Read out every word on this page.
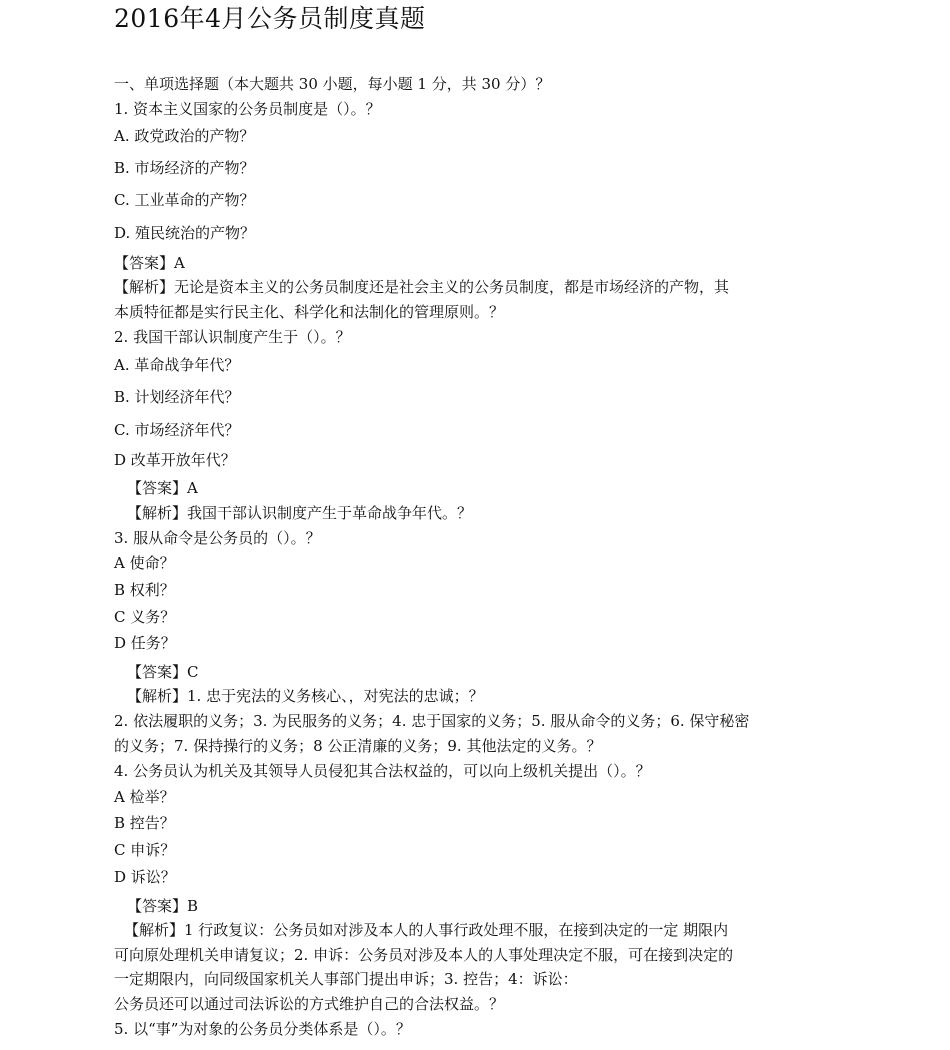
2016年4月公务员制度真题
一、单项选择题（本大题共 30 小题，每小题 1 分，共 30 分）？
1. 资本主义国家的公务员制度是（）。？
A. 政党政治的产物？
B. 市场经济的产物？
C. 工业革命的产物？
D. 殖民统治的产物？
【答案】A
【解析】无论是资本主义的公务员制度还是社会主义的公务员制度，都是市场经济的产物，其
本质特征都是实行民主化、科学化和法制化的管理原则。？
2. 我国干部认识制度产生于（）。？
A. 革命战争年代？
B. 计划经济年代？
C. 市场经济年代？
D 改革开放年代？
【答案】A
【解析】我国干部认识制度产生于革命战争年代。？
3. 服从命令是公务员的（）。？
A 使命？
B 权利？
C 义务？
D 任务？
【答案】C
【解析】1. 忠于宪法的义务核心、，对宪法的忠诚；？
2. 依法履职的义务；3. 为民服务的义务；4. 忠于国家的义务；5. 服从命令的义务；6. 保守秘密
的义务；7. 保持操行的义务；8 公正清廉的义务；9. 其他法定的义务。？
4. 公务员认为机关及其领导人员侵犯其合法权益的，可以向上级机关提出（）。？
A 检举？
B 控告？
C 申诉？
D 诉讼？
【答案】B
【解析】1 行政复议：公务员如对涉及本人的人事行政处理不服，在接到决定的一定 期限内
可向原处理机关申请复议；2. 申诉：公务员对涉及本人的人事处理决定不服，可在接到决定的
一定期限内，向同级国家机关人事部门提出申诉；3. 控告；4：诉讼：
公务员还可以通过司法诉讼的方式维护自己的合法权益。？
5. 以“事”为对象的公务员分类体系是（）。？
